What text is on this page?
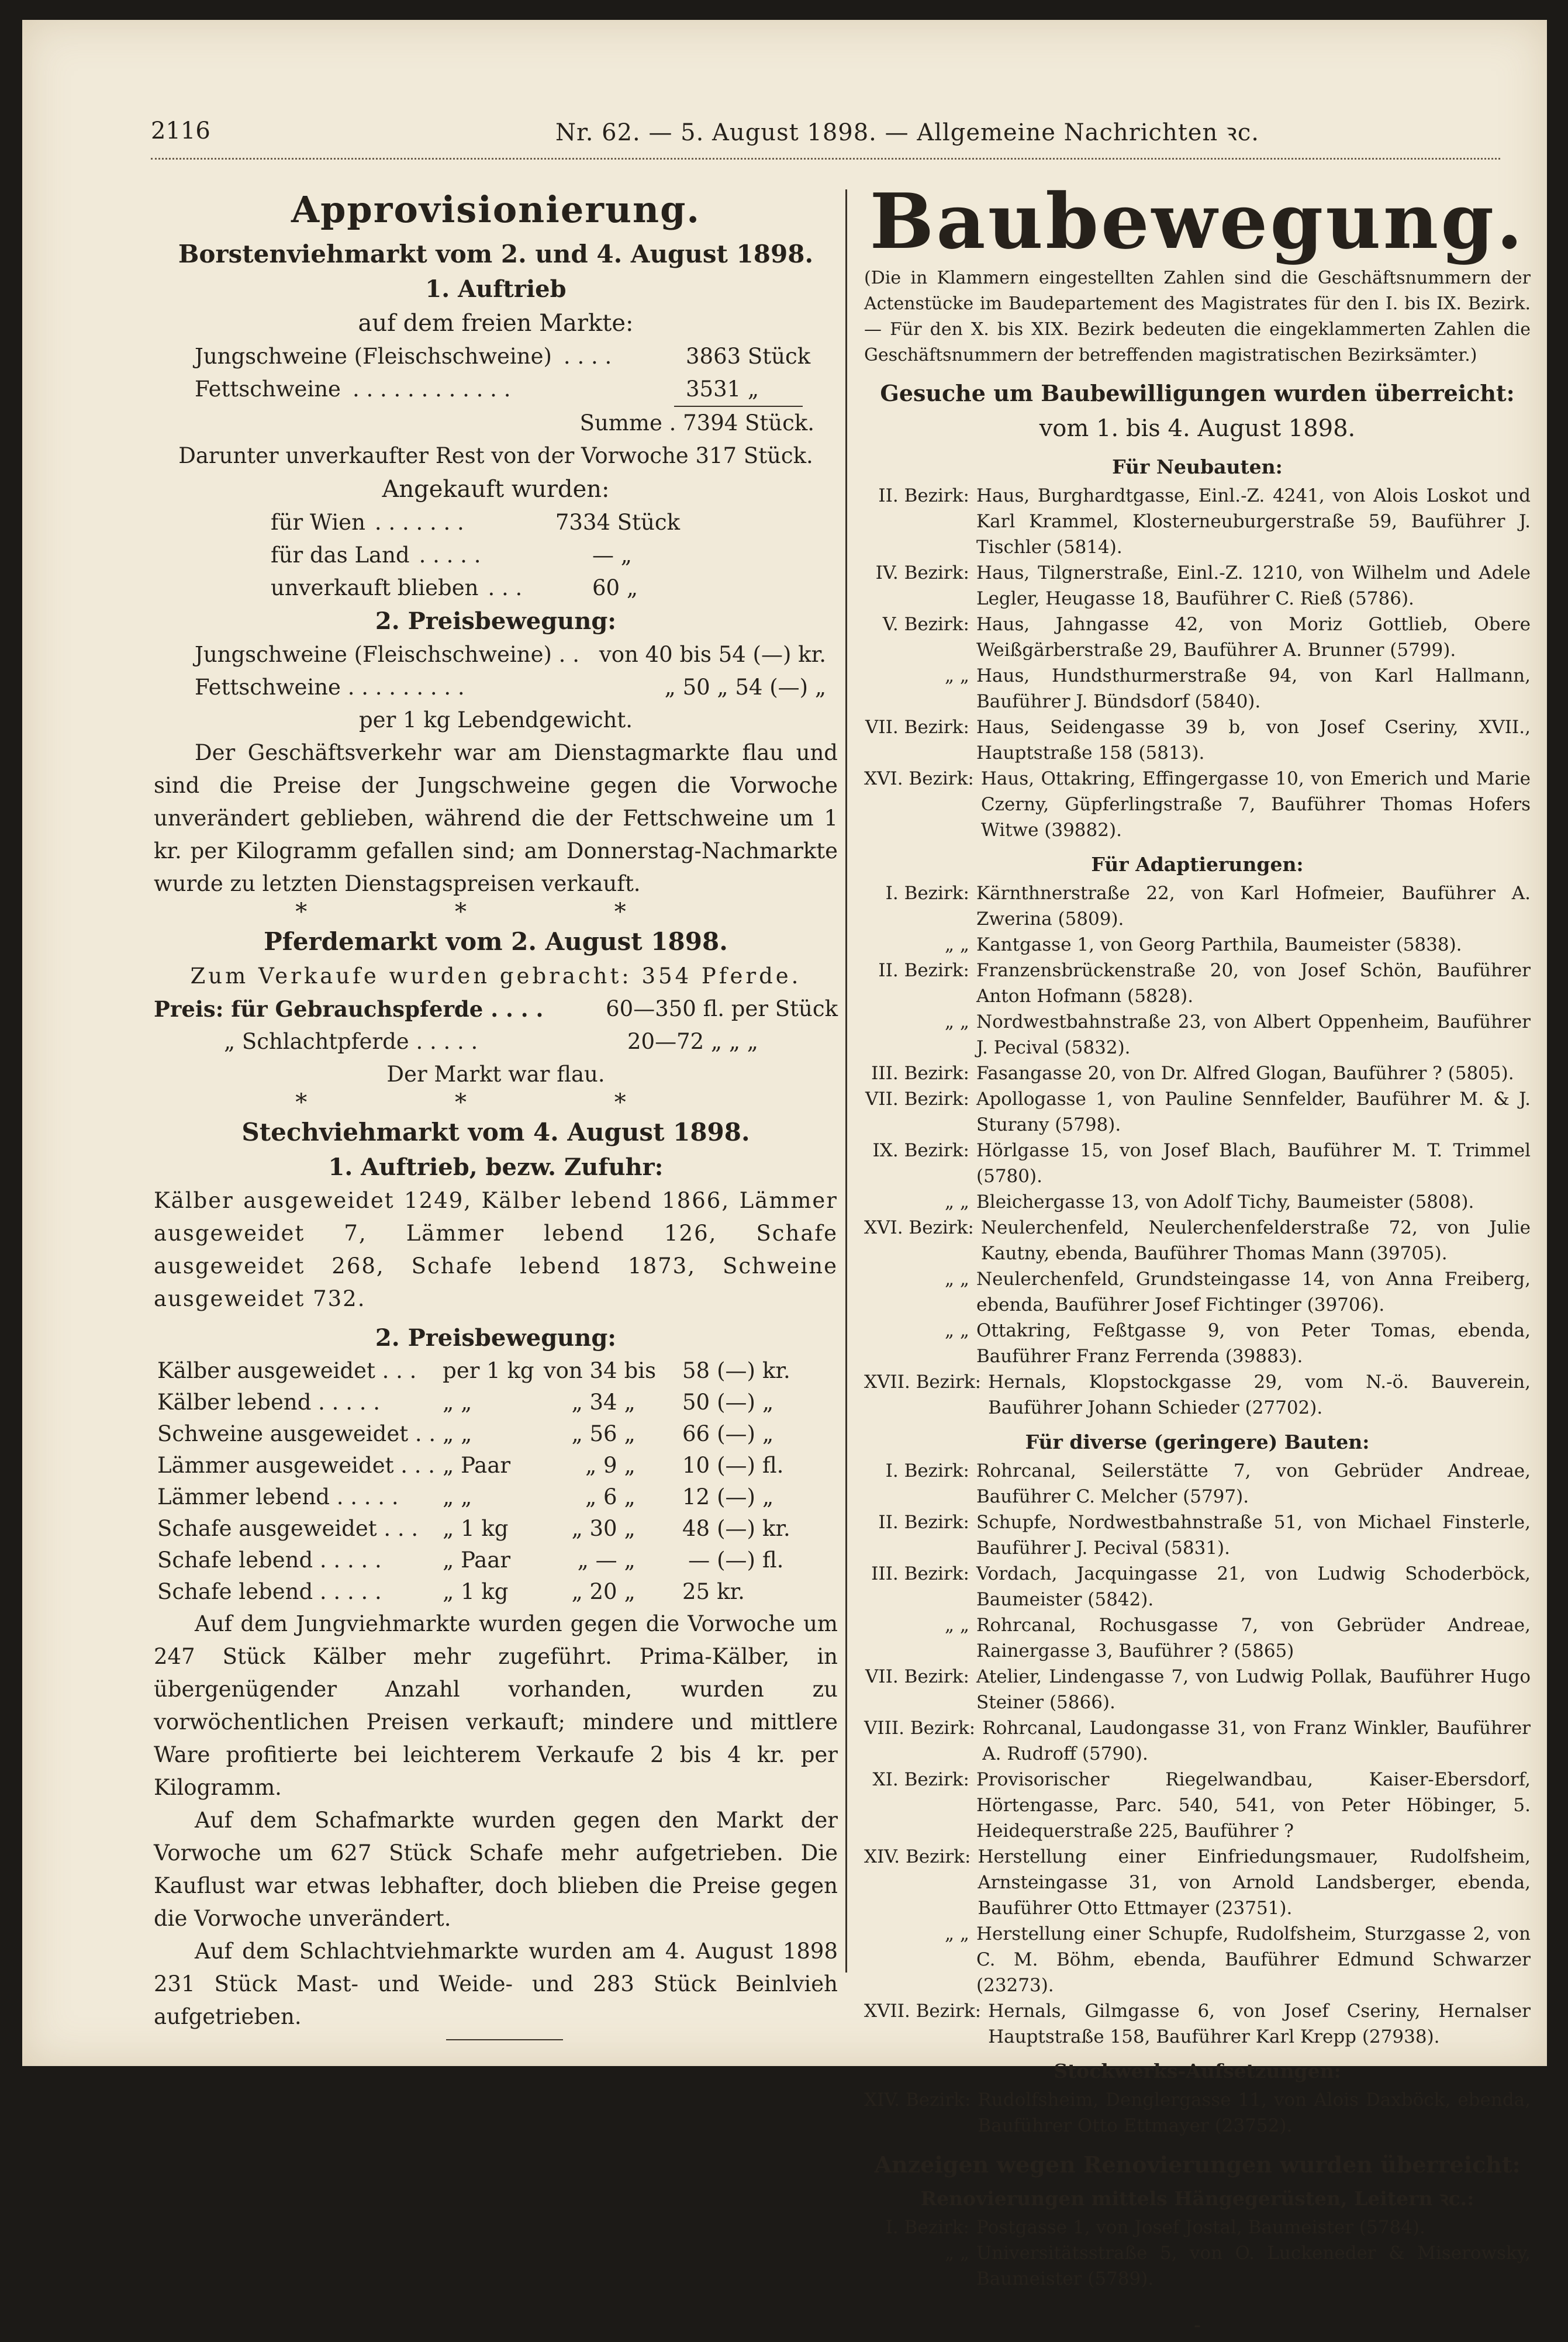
2116	Nr. 62. — 5. August 1898. — Allgemeine Nachrichten ꝛc.
Approvisionierung.
Borstenviehmarkt vom 2. und 4. August 1898.
1. Auftrieb
auf dem freien Markte:
Jungschweine (Fleischschweine) . . . .	3863 Stück
Fettschweine . . . . . . . . . . . .	3531 „
Summe . 7394 Stück.
Darunter unverkaufter Rest von der Vorwoche 317 Stück.
Angekauft wurden:
für Wien . . . . . . .	7334 Stück
für das Land . . . . .	— „
unverkauft blieben . . .	60 „
2. Preisbewegung:
Jungschweine (Fleischschweine) . . von 40 bis 54 (—) kr.
Fettschweine . . . . . . . . .	„ 50 „ 54 (—) „
per 1 kg Lebendgewicht.
Der Geschäftsverkehr war am Dienstagmarkte flau und sind die Preise der Jungschweine gegen die Vorwoche unverändert geblieben, während die der Fettschweine um 1 kr. per Kilogramm gefallen sind; am Donnerstag-Nachmarkte wurde zu letzten Dienstagspreisen verkauft.
* * *
Pferdemarkt vom 2. August 1898.
Zum Verkaufe wurden gebracht: 354 Pferde.
Preis: für Gebrauchspferde . . . .	60—350 fl. per Stück
„ Schlachtpferde . . . . .	20—72 „ „ „
Der Markt war flau.
* * *
Stechviehmarkt vom 4. August 1898.
1. Auftrieb, bezw. Zufuhr:
Kälber ausgeweidet 1249, Kälber lebend 1866, Lämmer ausgeweidet 7, Lämmer lebend 126, Schafe ausgeweidet 268, Schafe lebend 1873, Schweine ausgeweidet 732.
2. Preisbewegung:
Kälber ausgeweidet . . .	per 1 kg	von 34	bis	58	(—)	kr.
Kälber lebend . . . . .	„ „	„ 34	„	50	(—)	„
Schweine ausgeweidet . .	„ „	„ 56	„	66	(—)	„
Lämmer ausgeweidet . . .	„ Paar	„ 9	„	10	(—)	fl.
Lämmer lebend . . . . .	„ „	„ 6	„	12	(—)	„
Schafe ausgeweidet . . .	„ 1 kg	„ 30	„	48	(—)	kr.
Schafe lebend . . . . .	„ Paar	„ —	„	—	(—)	fl.
Schafe lebend . . . . .	„ 1 kg	„ 20	„	25	kr.	
Auf dem Jungviehmarkte wurden gegen die Vorwoche um 247 Stück Kälber mehr zugeführt. Prima-Kälber, in übergenügender Anzahl vorhanden, wurden zu vorwöchentlichen Preisen verkauft; mindere und mittlere Ware profitierte bei leichterem Verkaufe 2 bis 4 kr. per Kilogramm.
Auf dem Schafmarkte wurden gegen den Markt der Vorwoche um 627 Stück Schafe mehr aufgetrieben. Die Kauflust war etwas lebhafter, doch blieben die Preise gegen die Vorwoche unverändert.
Auf dem Schlachtviehmarkte wurden am 4. August 1898 231 Stück Mast- und Weide- und 283 Stück Beinlvieh aufgetrieben.
Baubewegung.
(Die in Klammern eingestellten Zahlen sind die Geschäftsnummern der Actenstücke im Baudepartement des Magistrates für den I. bis IX. Bezirk. — Für den X. bis XIX. Bezirk bedeuten die eingeklammerten Zahlen die Geschäftsnummern der betreffenden magistratischen Bezirksämter.)
Gesuche um Baubewilligungen wurden überreicht:
vom 1. bis 4. August 1898.
Für Neubauten:
II. Bezirk: Haus, Burghardtgasse, Einl.-Z. 4241, von Alois Loskot und Karl Krammel, Klosterneuburgerstraße 59, Bauführer J. Tischler (5814).
IV. Bezirk: Haus, Tilgnerstraße, Einl.-Z. 1210, von Wilhelm und Adele Legler, Heugasse 18, Bauführer C. Rieß (5786).
V. Bezirk: Haus, Jahngasse 42, von Moriz Gottlieb, Obere Weißgärberstraße 29, Bauführer A. Brunner (5799).
„ „ Haus, Hundsthurmerstraße 94, von Karl Hallmann, Bauführer J. Bündsdorf (5840).
VII. Bezirk: Haus, Seidengasse 39 b, von Josef Cseriny, XVII., Hauptstraße 158 (5813).
XVI. Bezirk: Haus, Ottakring, Effingergasse 10, von Emerich und Marie Czerny, Güpferlingstraße 7, Bauführer Thomas Hofers Witwe (39882).
Für Adaptierungen:
I. Bezirk: Kärnthnerstraße 22, von Karl Hofmeier, Bauführer A. Zwerina (5809).
„ „ Kantgasse 1, von Georg Parthila, Baumeister (5838).
II. Bezirk: Franzensbrückenstraße 20, von Josef Schön, Bauführer Anton Hofmann (5828).
„ „ Nordwestbahnstraße 23, von Albert Oppenheim, Bauführer J. Pecival (5832).
III. Bezirk: Fasangasse 20, von Dr. Alfred Glogan, Bauführer ? (5805).
VII. Bezirk: Apollogasse 1, von Pauline Sennfelder, Bauführer M. & J. Sturany (5798).
IX. Bezirk: Hörlgasse 15, von Josef Blach, Bauführer M. T. Trimmel (5780).
„ „ Bleichergasse 13, von Adolf Tichy, Baumeister (5808).
XVI. Bezirk: Neulerchenfeld, Neulerchenfelderstraße 72, von Julie Kautny, ebenda, Bauführer Thomas Mann (39705).
„ „ Neulerchenfeld, Grundsteingasse 14, von Anna Freiberg, ebenda, Bauführer Josef Fichtinger (39706).
„ „ Ottakring, Feßtgasse 9, von Peter Tomas, ebenda, Bauführer Franz Ferrenda (39883).
XVII. Bezirk: Hernals, Klopstockgasse 29, vom N.-ö. Bauverein, Bauführer Johann Schieder (27702).
Für diverse (geringere) Bauten:
I. Bezirk: Rohrcanal, Seilerstätte 7, von Gebrüder Andreae, Bauführer C. Melcher (5797).
II. Bezirk: Schupfe, Nordwestbahnstraße 51, von Michael Finsterle, Bauführer J. Pecival (5831).
III. Bezirk: Vordach, Jacquingasse 21, von Ludwig Schoderböck, Baumeister (5842).
„ „ Rohrcanal, Rochusgasse 7, von Gebrüder Andreae, Rainergasse 3, Bauführer ? (5865)
VII. Bezirk: Atelier, Lindengasse 7, von Ludwig Pollak, Bauführer Hugo Steiner (5866).
VIII. Bezirk: Rohrcanal, Laudongasse 31, von Franz Winkler, Bauführer A. Rudroff (5790).
XI. Bezirk: Provisorischer Riegelwandbau, Kaiser-Ebersdorf, Hörtengasse, Parc. 540, 541, von Peter Höbinger, 5. Heidequerstraße 225, Bauführer ?
XIV. Bezirk: Herstellung einer Einfriedungsmauer, Rudolfsheim, Arnsteingasse 31, von Arnold Landsberger, ebenda, Bauführer Otto Ettmayer (23751).
„ „ Herstellung einer Schupfe, Rudolfsheim, Sturzgasse 2, von C. M. Böhm, ebenda, Bauführer Edmund Schwarzer (23273).
XVII. Bezirk: Hernals, Gilmgasse 6, von Josef Cseriny, Hernalser Hauptstraße 158, Bauführer Karl Krepp (27938).
Stockwerks-Aufsetzungen:
XIV. Bezirk: Rudolfsheim, Denglergasse 11, von Alois Daxböck, ebenda, Bauführer Otto Ettmayer (23752).
Anzeigen wegen Renovierungen wurden überreicht:
Renovierungen mittels Hängegerüsten, Leitern ꝛc.:
I. Bezirk: Postgasse 1, von Josef Jostal, Baumeister (5784).
„ „ Universitätsstraße 5, von O. Luckeneder & Miserowsky, Baumeister (5789).
-
